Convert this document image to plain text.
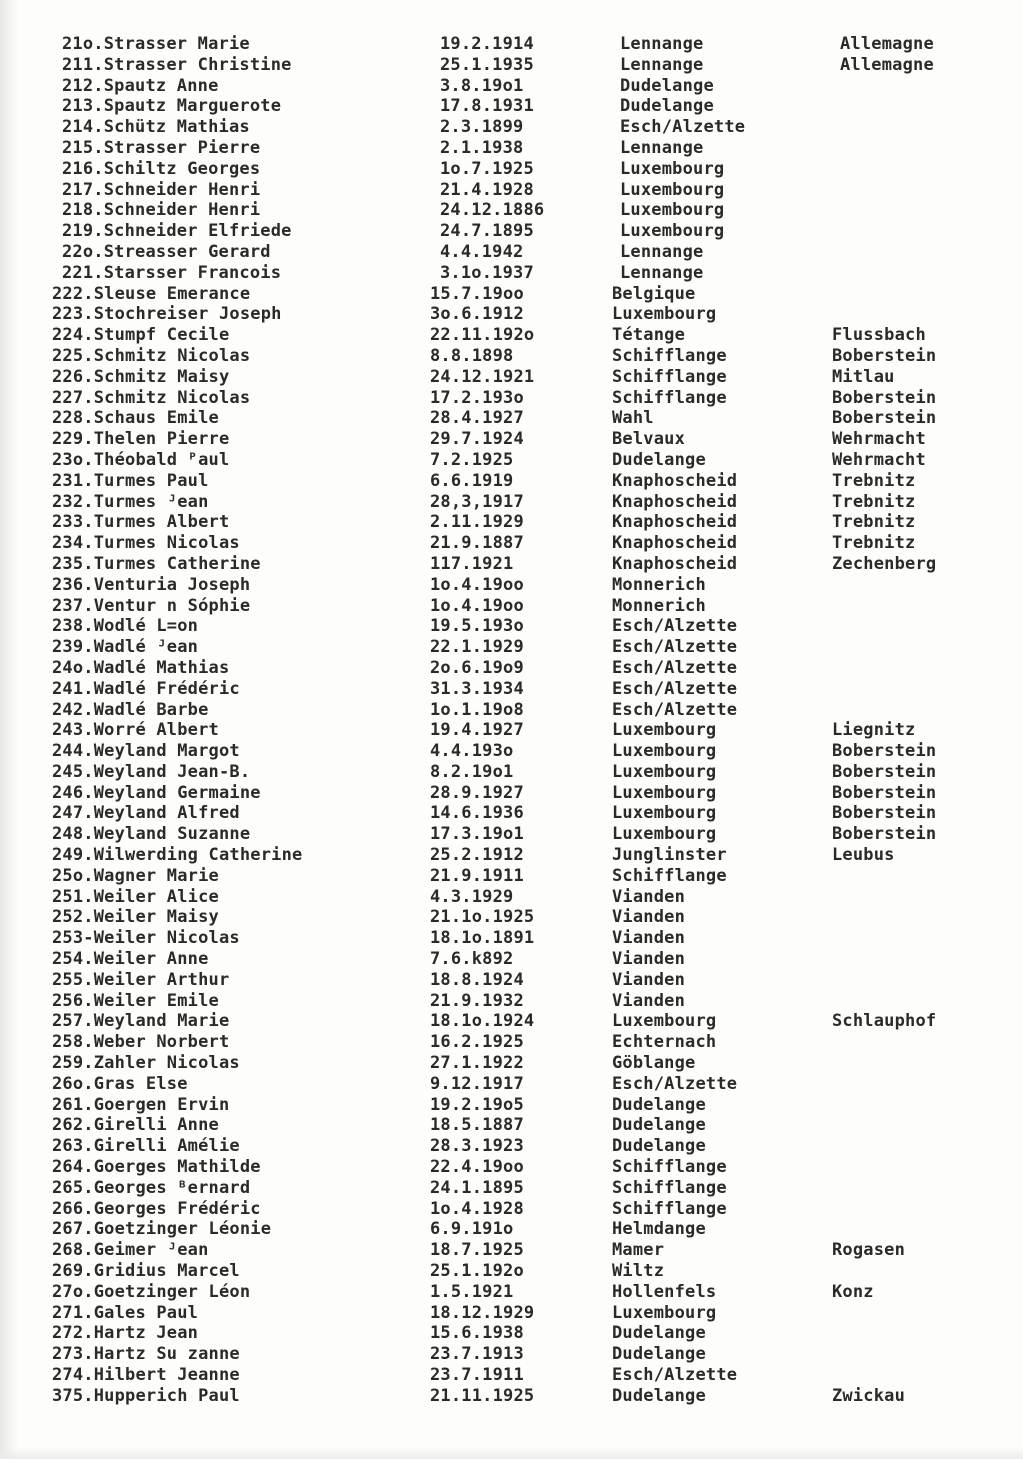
21o.Strasser Marie	19.2.1914	Lennange	Allemagne
211.Strasser Christine	25.1.1935	Lennange	Allemagne
212.Spautz Anne	3.8.19o1	Dudelange
213.Spautz Marguerote	17.8.1931	Dudelange
214.Schütz Mathias	2.3.1899	Esch/Alzette
215.Strasser Pierre	2.1.1938	Lennange
216.Schiltz Georges	1o.7.1925	Luxembourg
217.Schneider Henri	21.4.1928	Luxembourg
218.Schneider Henri	24.12.1886	Luxembourg
219.Schneider Elfriede	24.7.1895	Luxembourg
22o.Streasser Gerard	4.4.1942	Lennange
221.Starsser Francois	3.1o.1937	Lennange
222.Sleuse Emerance	15.7.19oo	Belgique
223.Stochreiser Joseph	3o.6.1912	Luxembourg
224.Stumpf Cecile	22.11.192o	Tétange	Flussbach
225.Schmitz Nicolas	8.8.1898	Schifflange	Boberstein
226.Schmitz Maisy	24.12.1921	Schifflange	Mitlau
227.Schmitz Nicolas	17.2.193o	Schifflange	Boberstein
228.Schaus Emile	28.4.1927	Wahl	Boberstein
229.Thelen Pierre	29.7.1924	Belvaux	Wehrmacht
23o.Théobald ᴾaul	7.2.1925	Dudelange	Wehrmacht
231.Turmes Paul	6.6.1919	Knaphoscheid	Trebnitz
232.Turmes ᴶean	28,3,1917	Knaphoscheid	Trebnitz
233.Turmes Albert	2.11.1929	Knaphoscheid	Trebnitz
234.Turmes Nicolas	21.9.1887	Knaphoscheid	Trebnitz
235.Turmes Catherine	117.1921	Knaphoscheid	Zechenberg
236.Venturia Joseph	1o.4.19oo	Monnerich
237.Ventur n Sóphie	1o.4.19oo	Monnerich
238.Wodlé L=on	19.5.193o	Esch/Alzette
239.Wadlé ᴶean	22.1.1929	Esch/Alzette
24o.Wadlé Mathias	2o.6.19o9	Esch/Alzette
241.Wadlé Frédéric	31.3.1934	Esch/Alzette
242.Wadlé Barbe	1o.1.19o8	Esch/Alzette
243.Worré Albert	19.4.1927	Luxembourg	Liegnitz
244.Weyland Margot	4.4.193o	Luxembourg	Boberstein
245.Weyland Jean-B.	8.2.19o1	Luxembourg	Boberstein
246.Weyland Germaine	28.9.1927	Luxembourg	Boberstein
247.Weyland Alfred	14.6.1936	Luxembourg	Boberstein
248.Weyland Suzanne	17.3.19o1	Luxembourg	Boberstein
249.Wilwerding Catherine	25.2.1912	Junglinster	Leubus
25o.Wagner Marie	21.9.1911	Schifflange
251.Weiler Alice	4.3.1929	Vianden
252.Weiler Maisy	21.1o.1925	Vianden
253-Weiler Nicolas	18.1o.1891	Vianden
254.Weiler Anne	7.6.k892	Vianden
255.Weiler Arthur	18.8.1924	Vianden
256.Weiler Emile	21.9.1932	Vianden
257.Weyland Marie	18.1o.1924	Luxembourg	Schlauphof
258.Weber Norbert	16.2.1925	Echternach
259.Zahler Nicolas	27.1.1922	Göblange
26o.Gras Else	9.12.1917	Esch/Alzette
261.Goergen Ervin	19.2.19o5	Dudelange
262.Girelli Anne	18.5.1887	Dudelange
263.Girelli Amélie	28.3.1923	Dudelange
264.Goerges Mathilde	22.4.19oo	Schifflange
265.Georges ᴮernard	24.1.1895	Schifflange
266.Georges Frédéric	1o.4.1928	Schifflange
267.Goetzinger Léonie	6.9.191o	Helmdange
268.Geimer ᴶean	18.7.1925	Mamer	Rogasen
269.Gridius Marcel	25.1.192o	Wiltz
27o.Goetzinger Léon	1.5.1921	Hollenfels	Konz
271.Gales Paul	18.12.1929	Luxembourg
272.Hartz Jean	15.6.1938	Dudelange
273.Hartz Su zanne	23.7.1913	Dudelange
274.Hilbert Jeanne	23.7.1911	Esch/Alzette
375.Hupperich Paul	21.11.1925	Dudelange	Zwickau
